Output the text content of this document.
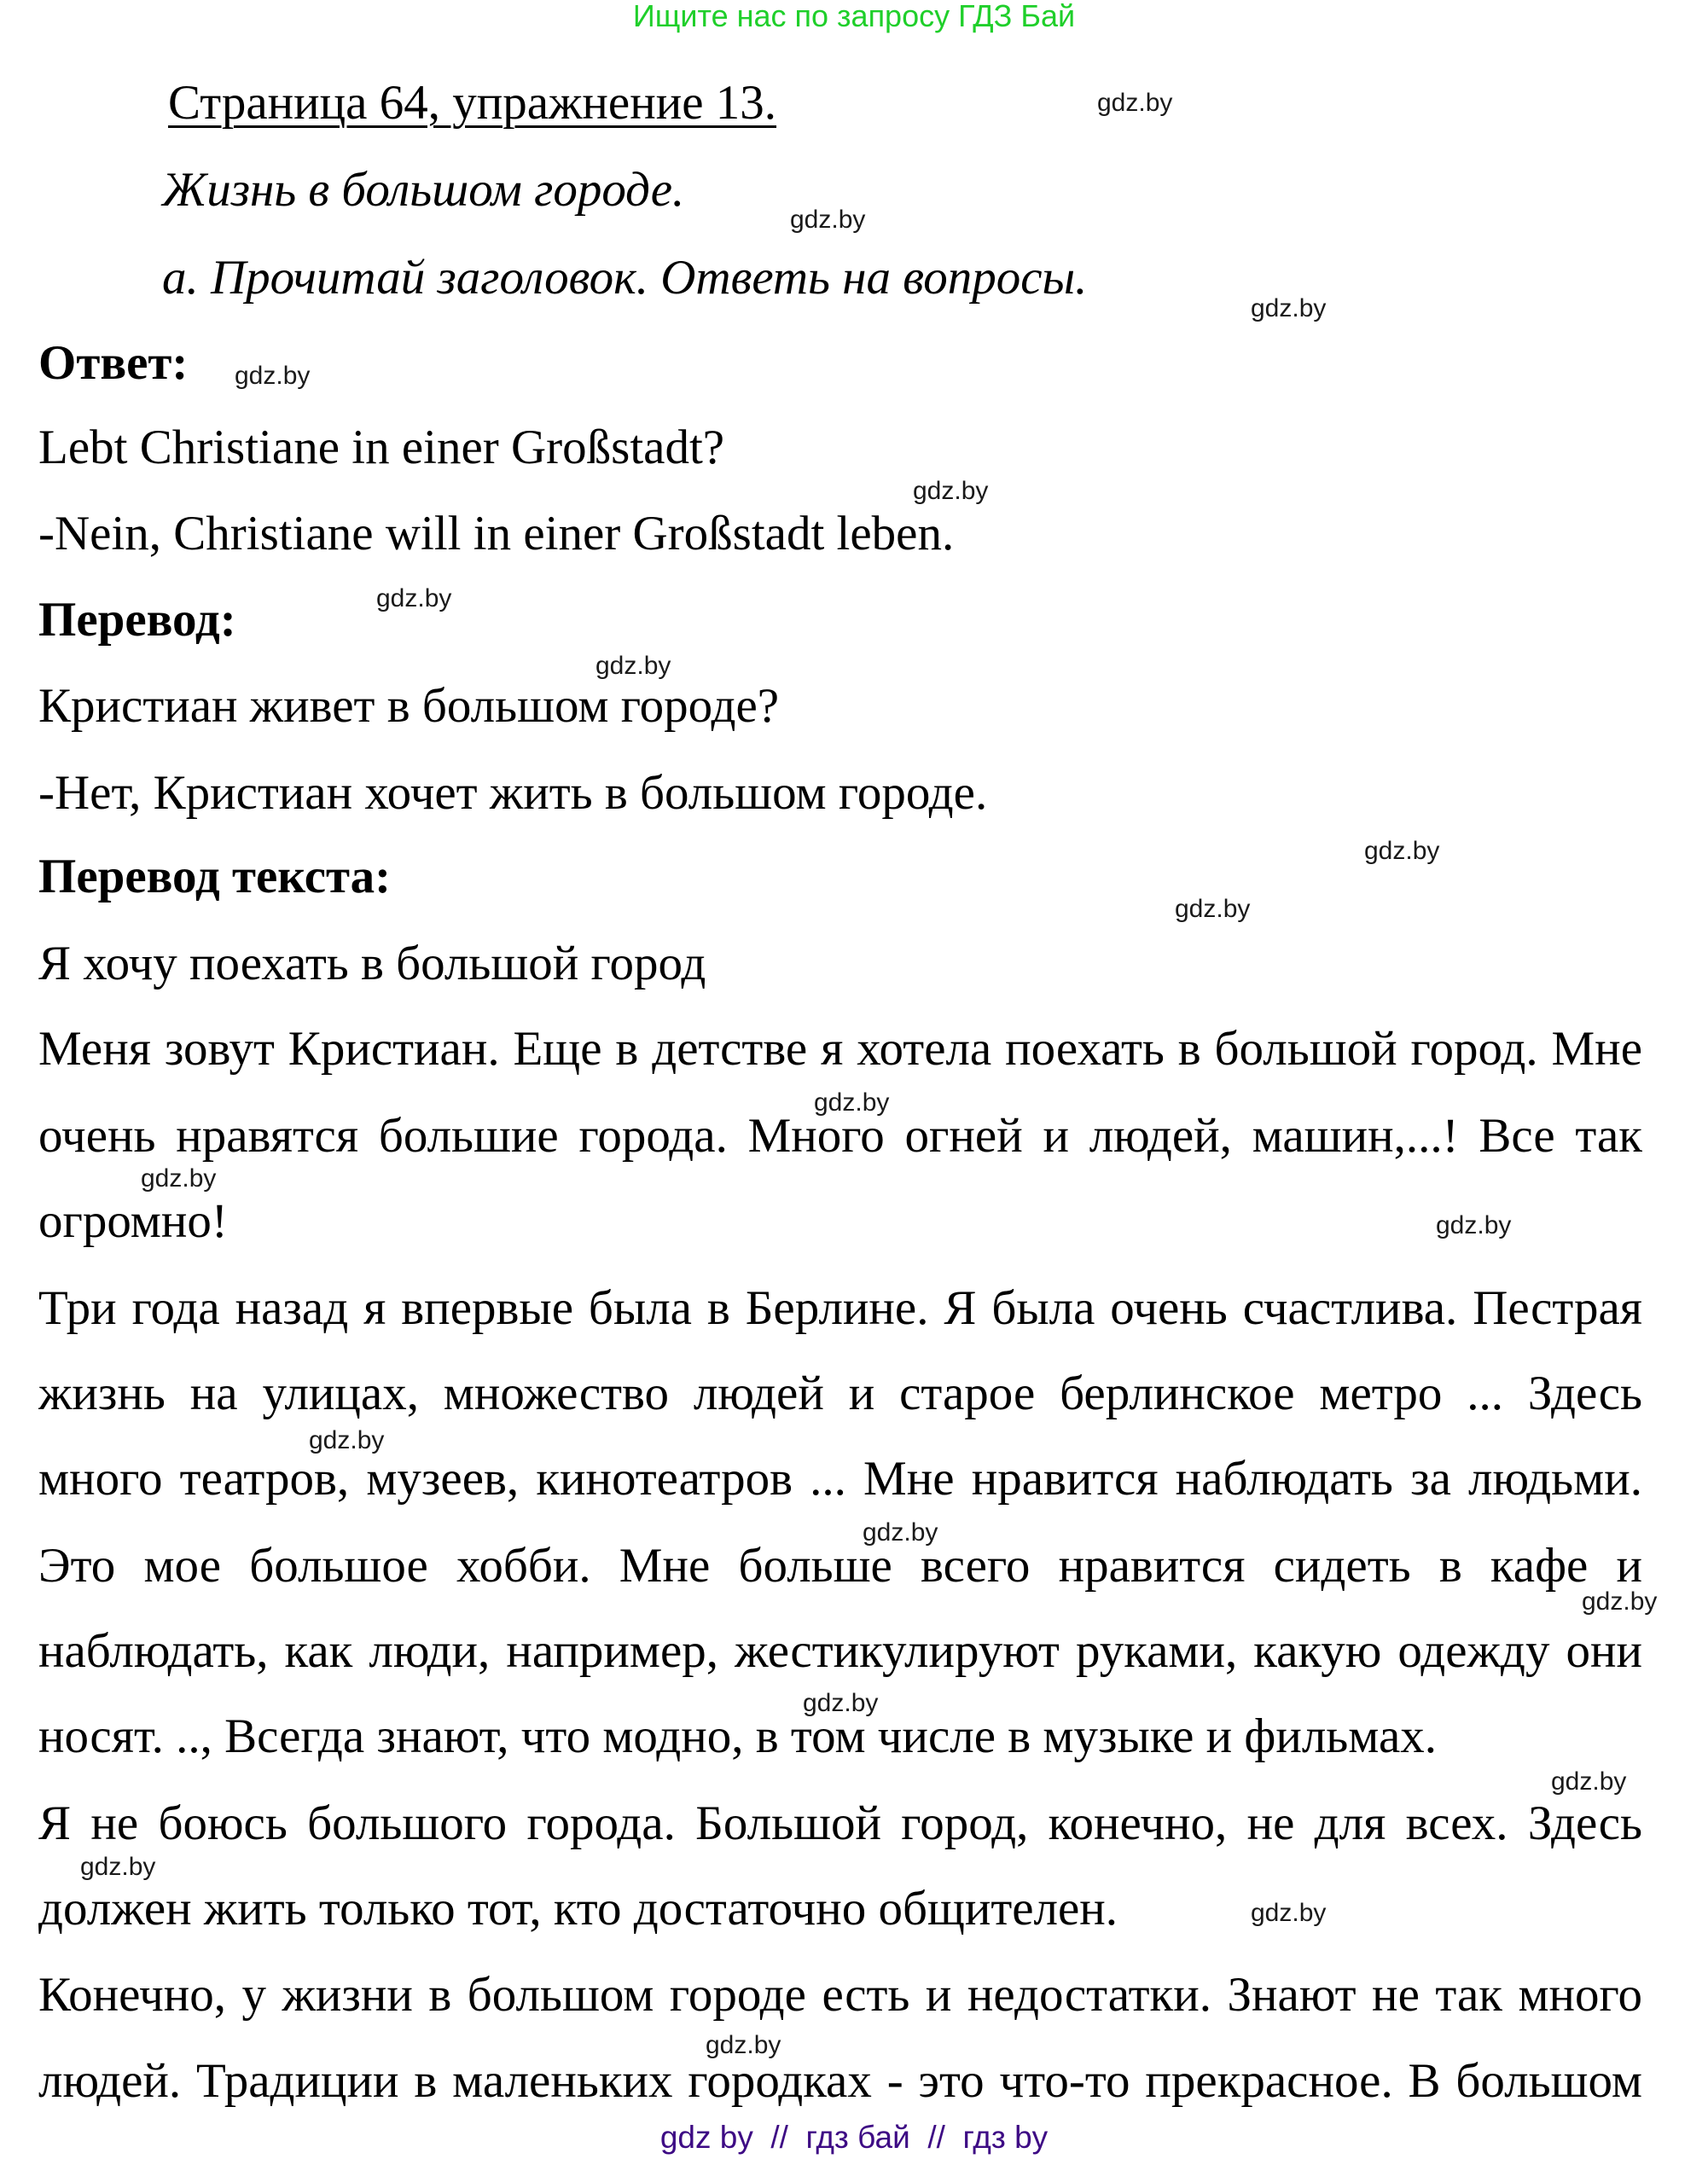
Ищите нас по запросу ГДЗ Бай
Страница 64, упражнение 13.
Жизнь в большом городе.
а. Прочитай заголовок. Ответь на вопросы.
Ответ:
Lebt Christiane in einer Großstadt?
-Nein, Christiane will in einer Großstadt leben.
Перевод:
Кристиан живет в большом городе?
-Нет, Кристиан хочет жить в большом городе.
Перевод текста:
Я хочу поехать в большой город
Меня зовут Кристиан. Еще в детстве я хотела поехать в большой город. Мне
очень нравятся большие города. Много огней и людей, машин,...! Все так
огромно!
Три года назад я впервые была в Берлине. Я была очень счастлива. Пестрая
жизнь на улицах, множество людей и старое берлинское метро ... Здесь
много театров, музеев, кинотеатров ... Мне нравится наблюдать за людьми.
Это мое большое хобби. Мне больше всего нравится сидеть в кафе и
наблюдать, как люди, например, жестикулируют руками, какую одежду они
носят. .., Всегда знают, что модно, в том числе в музыке и фильмах.
Я не боюсь большого города. Большой город, конечно, не для всех. Здесь
должен жить только тот, кто достаточно общителен.
Конечно, у жизни в большом городе есть и недостатки. Знают не так много
людей. Традиции в маленьких городках - это что-то прекрасное. В большом
gdz.by
gdz.by
gdz.by
gdz.by
gdz.by
gdz.by
gdz.by
gdz.by
gdz.by
gdz.by
gdz.by
gdz.by
gdz.by
gdz.by
gdz.by
gdz.by
gdz.by
gdz.by
gdz.by
gdz.by
gdz by  //  гдз бай  //  гдз by
